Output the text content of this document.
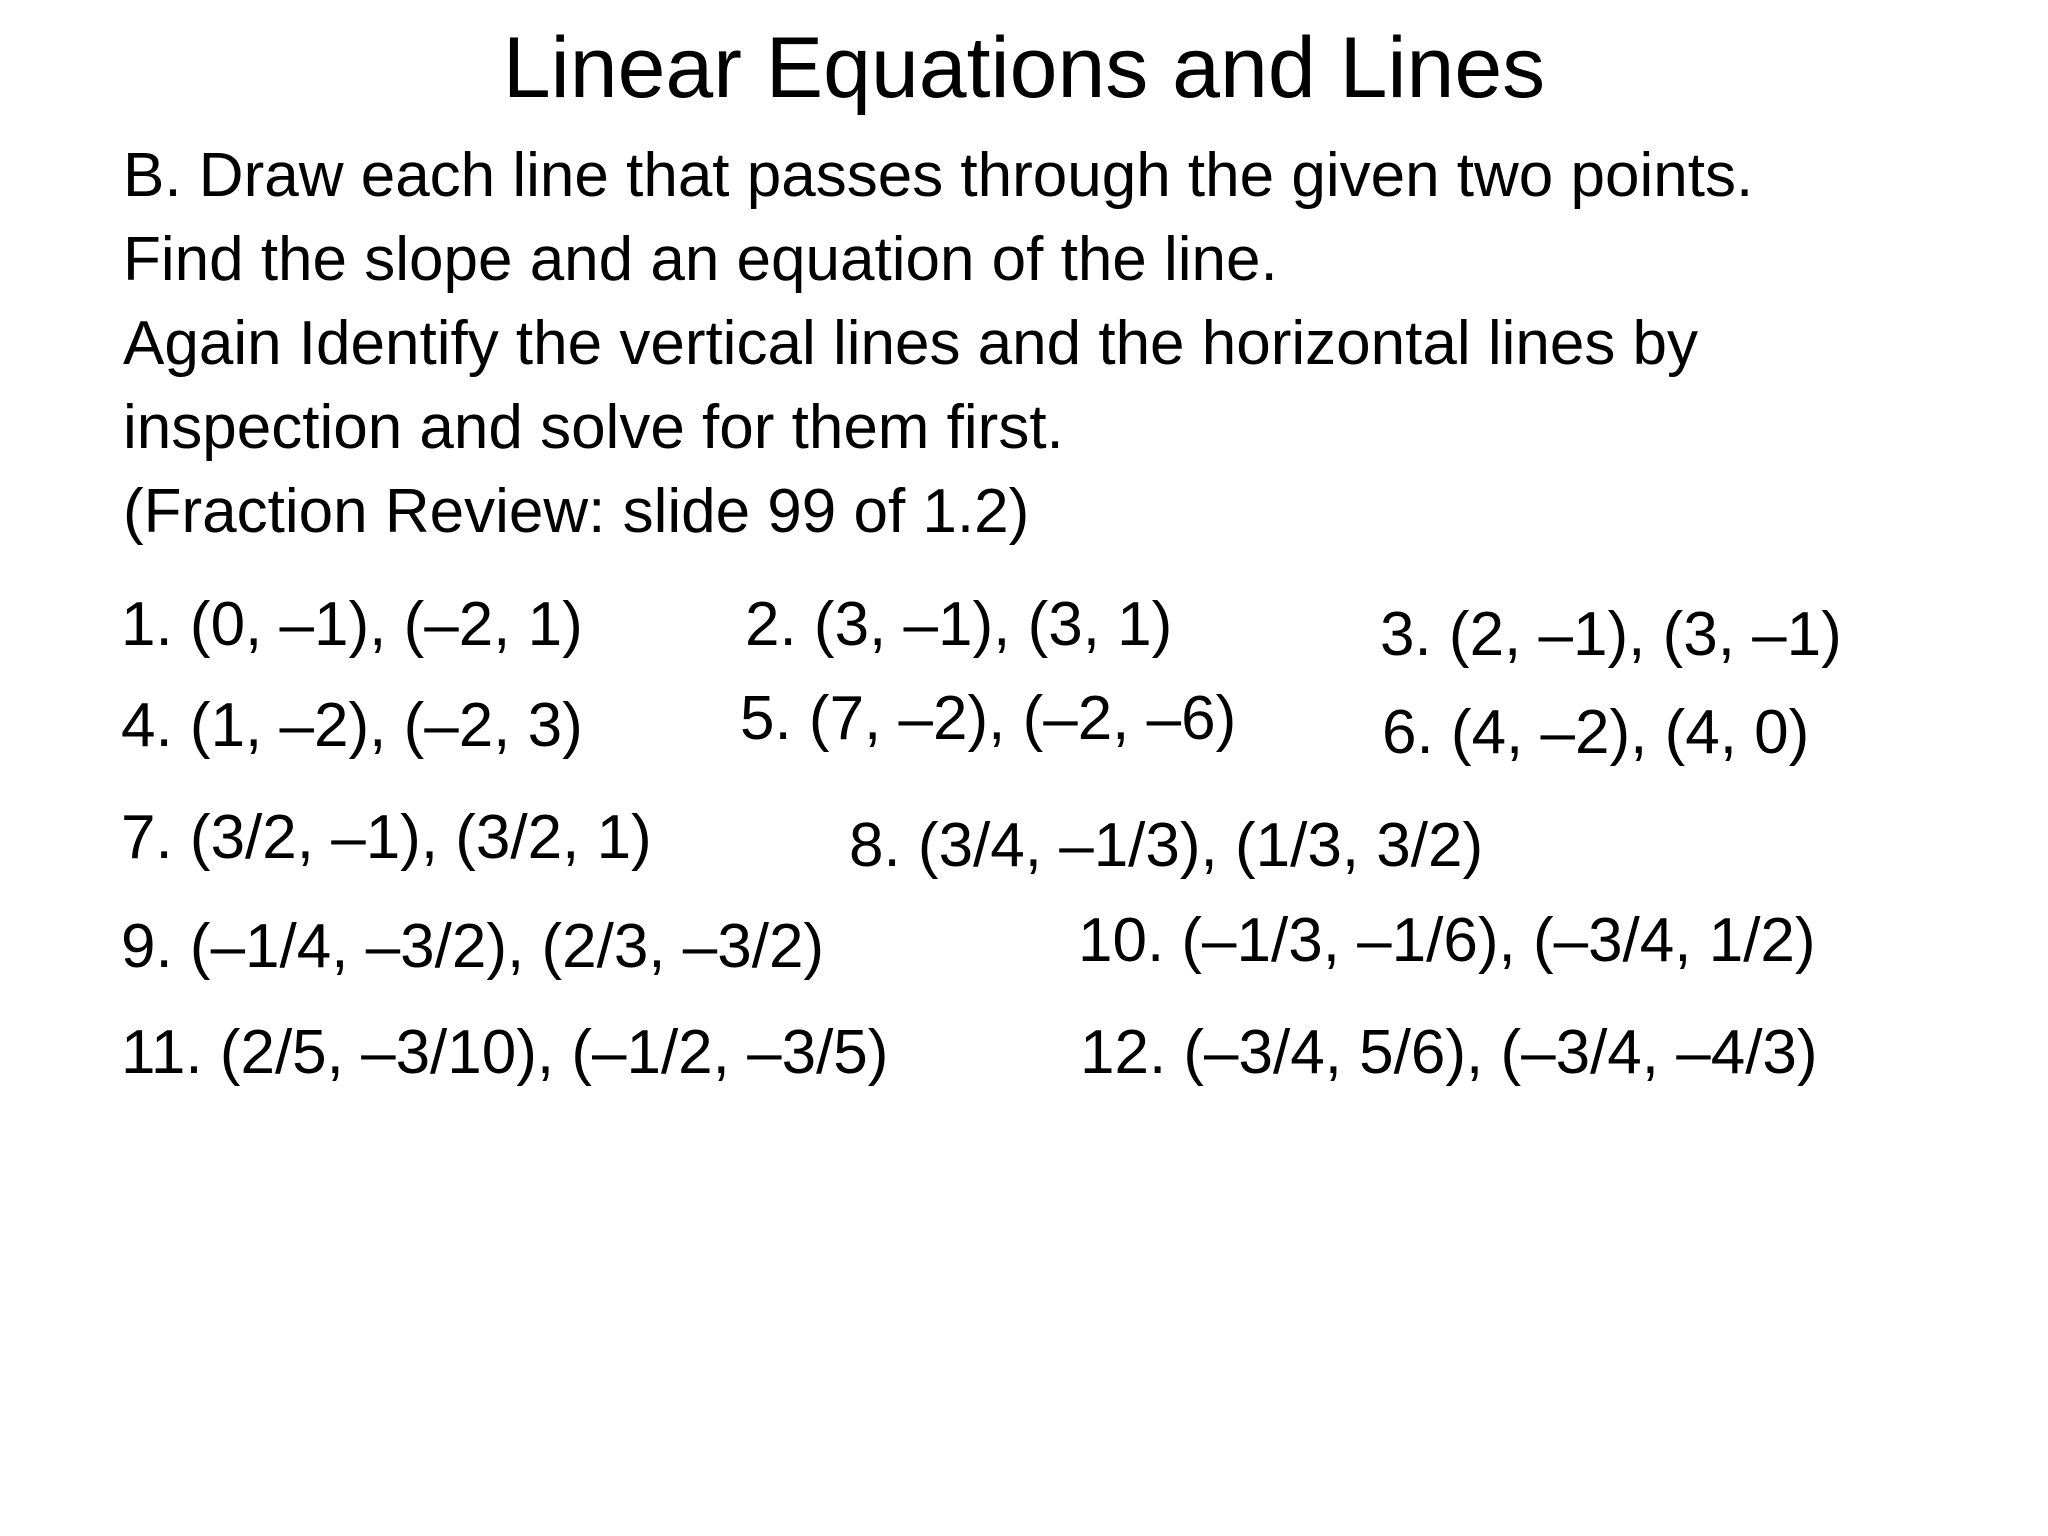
Linear Equations and Lines
B. Draw each line that passes through the given two points.
Find the slope and an equation of the line.
Again Identify the vertical lines and the horizontal lines by
inspection and solve for them first.
(Fraction Review: slide 99 of 1.2)
1. (0, –1), (–2, 1)	2. (3, –1), (3, 1)	3. (2, –1), (3, –1)
4. (1, –2), (–2, 3)	5. (7, –2), (–2, –6) 6. (4, –2), (4, 0)
7. (3/2, –1), (3/2, 1)	8. (3/4, –1/3), (1/3, 3/2)
9. (–1/4, –3/2), (2/3, –3/2)	10. (–1/3, –1/6), (–3/4, 1/2)
11. (2/5, –3/10), (–1/2, –3/5)	12. (–3/4, 5/6), (–3/4, –4/3)
